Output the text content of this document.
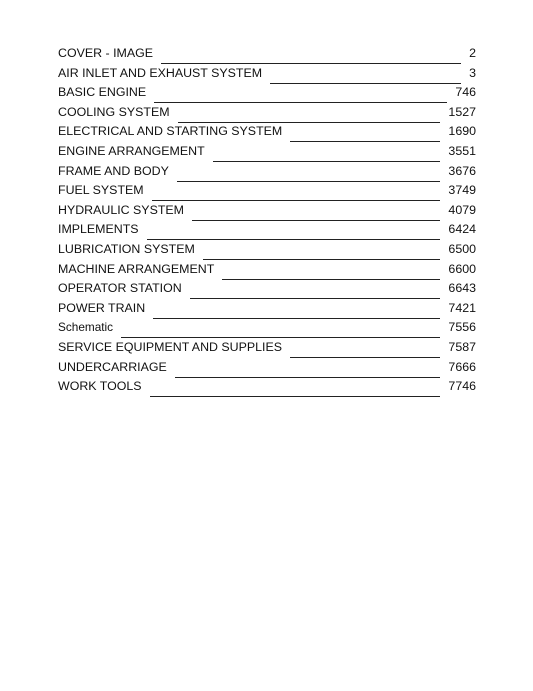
COVER - IMAGE	2
AIR INLET AND EXHAUST SYSTEM	3
BASIC ENGINE	746
COOLING SYSTEM	1527
ELECTRICAL AND STARTING SYSTEM	1690
ENGINE ARRANGEMENT	3551
FRAME AND BODY	3676
FUEL SYSTEM	3749
HYDRAULIC SYSTEM	4079
IMPLEMENTS	6424
LUBRICATION SYSTEM	6500
MACHINE ARRANGEMENT	6600
OPERATOR STATION	6643
POWER TRAIN	7421
Schematic	7556
SERVICE EQUIPMENT AND SUPPLIES	7587
UNDERCARRIAGE	7666
WORK TOOLS	7746
